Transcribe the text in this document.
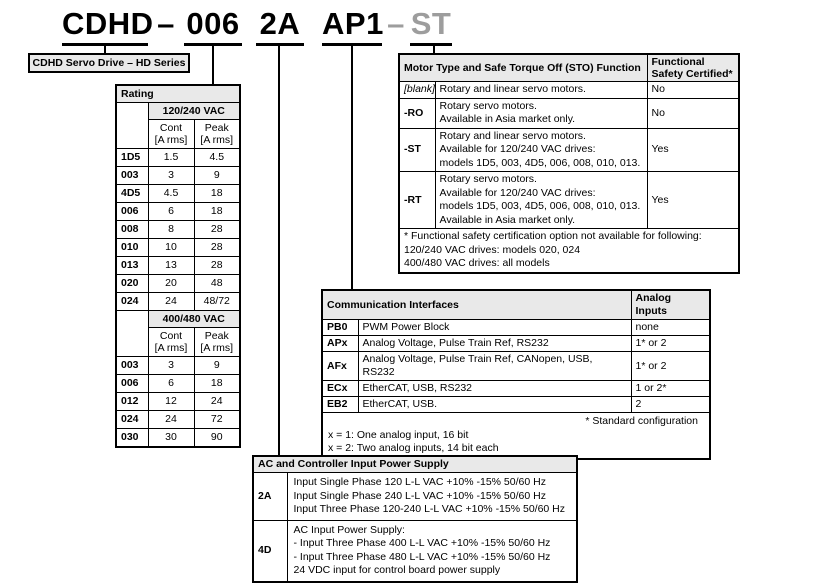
CDHD – 006 2A AP1 – ST
CDHD Servo Drive – HD Series
Rating		
	120/240 VAC	

Cont
[A rms]

Peak
[A rms]

1D5	1.5	4.5
003	3	9
4D5	4.5	18
006	6	18
008	8	28
010	10	28
013	13	28
020	20	48
024	24	48/72
	400/480 VAC	

Cont
[A rms]

Peak
[A rms]

003	3	9
006	6	18
012	12	24
024	24	72
030	30	90
Motor Type and Safe Torque Off (STO) Function		Functional
Safety Certified*

[blank]	Rotary and linear servo motors.	No
-RO	Rotary servo motors.
Available in Asia market only.	No
-ST	Rotary and linear servo motors.
Available for 120/240 VAC drives:
models 1D5, 003, 4D5, 006, 008, 010, 013.	Yes
-RT	Rotary servo motors.
Available for 120/240 VAC drives:
models 1D5, 003, 4D5, 006, 008, 010, 013.
Available in Asia market only.	Yes

* Functional safety certification option not available for following:
120/240 VAC drives: models 020, 024
400/480 VAC drives: all models		
Communication Interfaces		Analog Inputs
PB0	PWM Power Block	none
APx	Analog Voltage, Pulse Train Ref, RS232	1* or 2
AFx	Analog Voltage, Pulse Train Ref, CANopen, USB, RS232	1* or 2
ECx	EtherCAT, USB, RS232	1 or 2*
EB2	EtherCAT, USB.	2

* Standard configuration
x = 1: One analog input, 16 bit
x = 2: Two analog inputs, 14 bit each		
AC and Controller Input Power Supply	
2A	Input Single Phase 120 L-L VAC +10% -15% 50/60 Hz
Input Single Phase 240 L-L VAC +10% -15% 50/60 Hz
Input Three Phase 120-240 L-L VAC +10% -15% 50/60 Hz

4D	AC Input Power Supply:
- Input Three Phase 400 L-L VAC +10% -15% 50/60 Hz
- Input Three Phase 480 L-L VAC +10% -15% 50/60 Hz
24 VDC input for control board power supply
